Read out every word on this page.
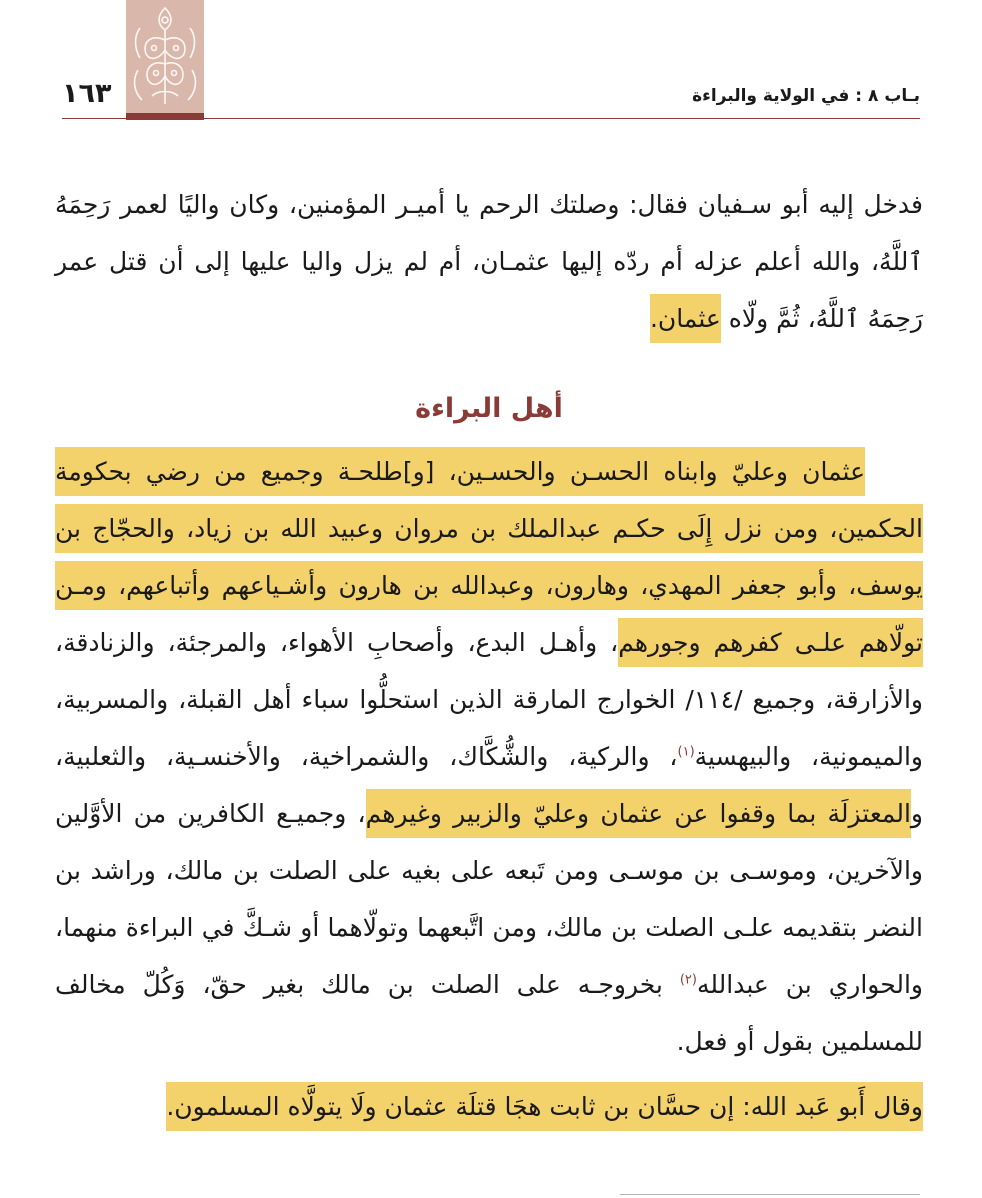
١٦٣	بـاب ٨ : في الولاية والبراءة

فدخل إليه أبو سـفيان فقال: وصلتك الرحم يا أميـر المؤمنين، وكان واليًا لعمر رَحِمَهُ ٱللَّهُ، والله أعلم عزله أم ردّه إليها عثمـان، أم لم يزل واليا عليها إلى أن قتل عمر رَحِمَهُ ٱللَّهُ، ثُمَّ ولّاه عثمان.

أهل البراءة

عثمان وعليّ وابناه الحسـن والحسـين، [و]طلحـة وجميع من رضي بحكومة الحكمين، ومن نزل إِلَى حكـم عبدالملك بن مروان وعبيد الله بن زياد، والحجّاج بن يوسف، وأبو جعفر المهدي، وهارون، وعبدالله بن هارون وأشـياعهم وأتباعهم، ومـن تولّاهم علـى كفرهم وجورهم، وأهـل البدع، وأصحابِ الأهواء، والمرجئة، والزنادقة، والأزارقة، وجميع /١١٤/ الخوارج المارقة الذين استحلُّوا سباء أهل القبلة، والمسربية، والميمونية، والبيهسية$^{(١)}$، والركية، والشُّكَّاك، والشمراخية، والأخنسـية، والثعلبية، والمعتزلَة بما وقفوا عن عثمان وعليّ والزبير وغيرهم، وجميـع الكافرين من الأوَّلين والآخرين، وموسـى بن موسـى ومن تَبعه على بغيه على الصلت بن مالك، وراشد بن النضر بتقديمه علـى الصلت بن مالك، ومن اتَّبعهما وتولّاهما أو شـكَّ في البراءة منهما، والحواري بن عبدالله$^{(٢)}$ بخروجـه على الصلت بن مالك بغير حقّ، وَكُلّ مخالف للمسلمين بقول أو فعل.

وقال أَبو عَبد الله: إن حسَّان بن ثابت هجَا قتلَة عثمان ولَا يتولَّاه المسلمون.
